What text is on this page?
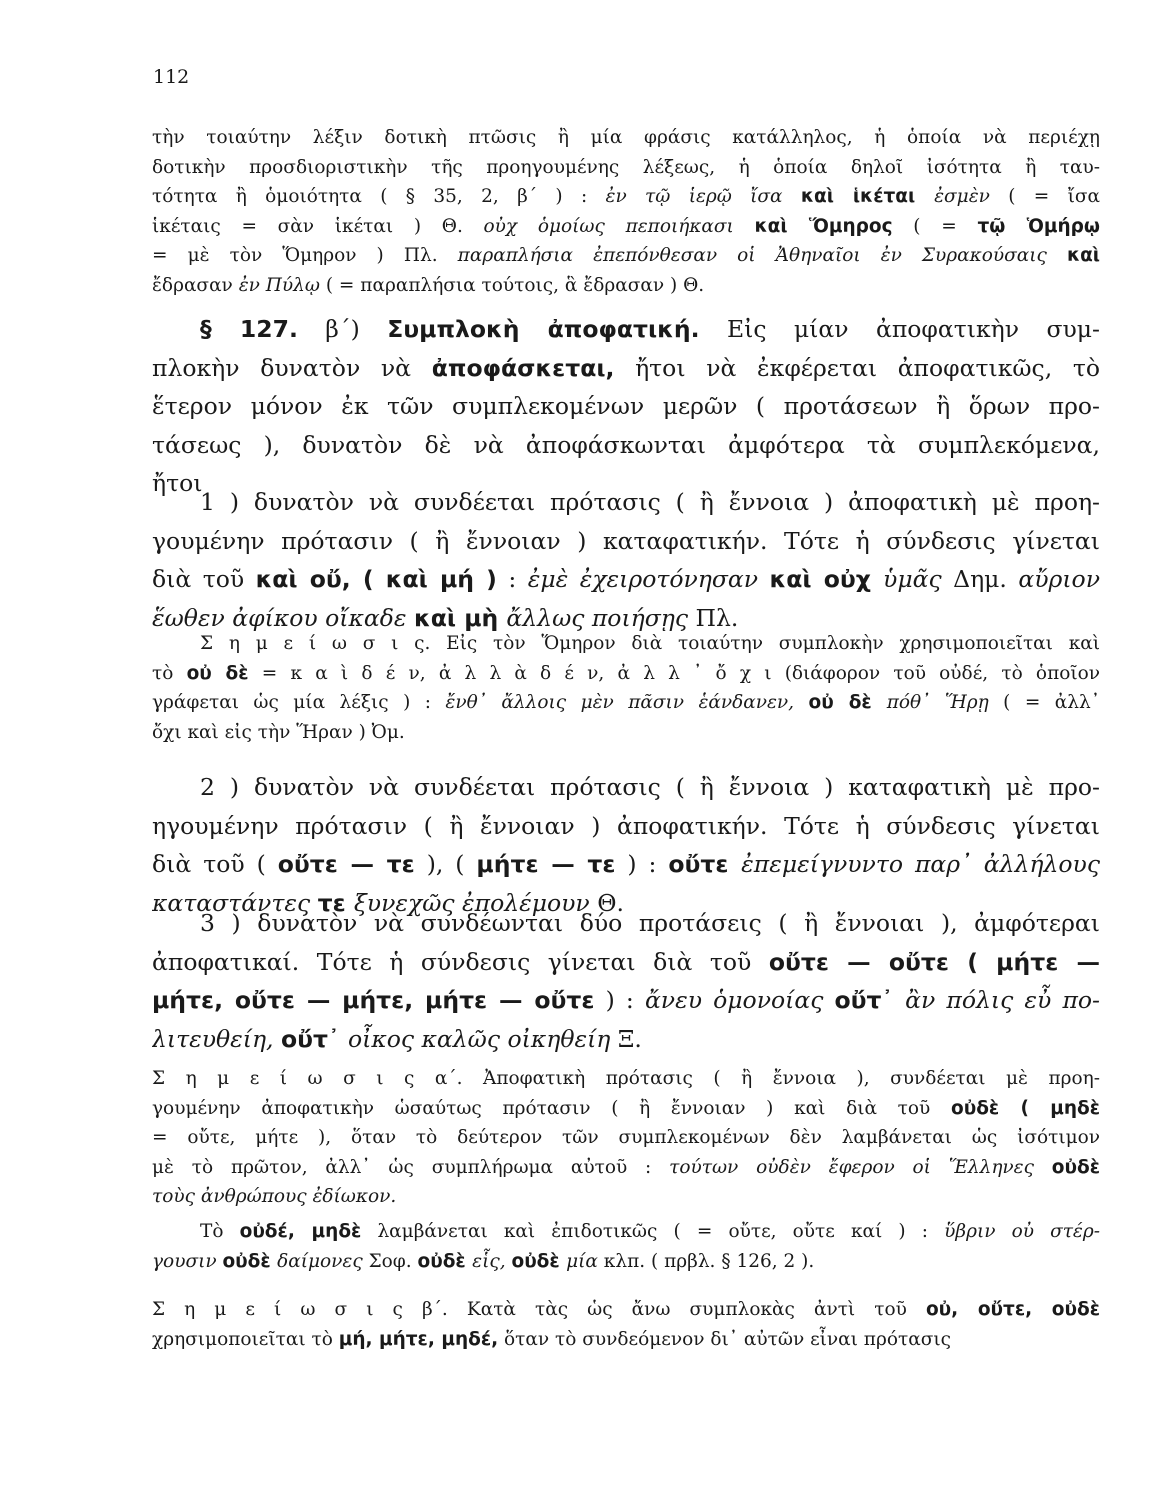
112
τὴν τοιαύτην λέξιν δοτικὴ πτῶσις ἢ μία φράσις κατάλληλος, ἡ ὁποία νὰ περιέχῃ
δοτικὴν προσδιοριστικὴν τῆς προηγουμένης λέξεως, ἡ ὁποία δηλοῖ ἰσότητα ἢ ταυ-
τότητα ἢ ὁμοιότητα ( § 35, 2, β΄ ) : ἐν τῷ ἱερῷ ἴσα καὶ ἱκέται ἐσμὲν ( = ἴσα
ἱκέταις = σὰν ἱκέται ) Θ. οὐχ ὁμοίως πεποιήκασι καὶ Ὅμηρος ( = τῷ Ὁμήρῳ
= μὲ τὸν Ὅμηρον ) Πλ. παραπλήσια ἐπεπόνθεσαν οἱ Ἀθηναῖοι ἐν Συρακούσαις καὶ
ἔδρασαν ἐν Πύλῳ ( = παραπλήσια τούτοις, ἃ ἔδρασαν ) Θ.
§ 127. β΄) Συμπλοκὴ ἀποφατική. Εἰς μίαν ἀποφατικὴν συμ-
πλοκὴν δυνατὸν νὰ ἀποφάσκεται, ἤτοι νὰ ἐκφέρεται ἀποφατικῶς, τὸ
ἕτερον μόνον ἐκ τῶν συμπλεκομένων μερῶν ( προτάσεων ἢ ὅρων προ-
τάσεως ), δυνατὸν δὲ νὰ ἀποφάσκωνται ἀμφότερα τὰ συμπλεκόμενα,
ἤτοι
1 ) δυνατὸν νὰ συνδέεται πρότασις ( ἢ ἔννοια ) ἀποφατικὴ μὲ προη-
γουμένην πρότασιν ( ἢ ἔννοιαν ) καταφατικήν. Τότε ἡ σύνδεσις γίνεται
διὰ τοῦ καὶ οὔ, ( καὶ μή ) : ἐμὲ ἐχειροτόνησαν καὶ οὐχ ὑμᾶς Δημ. αὔριον
ἕωθεν ἀφίκου οἴκαδε καὶ μὴ ἄλλως ποιήσῃς Πλ.
Σ η μ ε ί ω σ ι ς. Εἰς τὸν Ὅμηρον διὰ τοιαύτην συμπλοκὴν χρησιμοποιεῖται καὶ
τὸ οὐ δὲ = κ α ὶ δ έ ν, ἀ λ λ ὰ δ έ ν, ἀ λ λ ᾽ ὄ χ ι (διάφορον τοῦ οὐδέ, τὸ ὁποῖον
γράφεται ὡς μία λέξις ) : ἔνθ᾽ ἄλλοις μὲν πᾶσιν ἑάνδανεν, οὐ δὲ πόθ᾽ Ἥρῃ ( = ἀλλ᾽
ὄχι καὶ εἰς τὴν Ἥραν ) Ὀμ.
2 ) δυνατὸν νὰ συνδέεται πρότασις ( ἢ ἔννοια ) καταφατικὴ μὲ προ-
ηγουμένην πρότασιν ( ἢ ἔννοιαν ) ἀποφατικήν. Τότε ἡ σύνδεσις γίνεται
διὰ τοῦ ( οὔτε — τε ), ( μήτε — τε ) : οὔτε ἐπεμείγνυντο παρ᾽ ἀλλήλους
καταστάντες τε ξυνεχῶς ἐπολέμουν Θ.
3 ) δυνατὸν νὰ συνδέωνται δύο προτάσεις ( ἢ ἔννοιαι ), ἀμφότεραι
ἀποφατικαί. Τότε ἡ σύνδεσις γίνεται διὰ τοῦ οὔτε — οὔτε ( μήτε —
μήτε, οὔτε — μήτε, μήτε — οὔτε ) : ἄνευ ὁμονοίας οὔτ᾽ ἂν πόλις εὖ πο-
λιτευθείη, οὔτ᾽ οἶκος καλῶς οἰκηθείη Ξ.
Σ η μ ε ί ω σ ι ς α΄. Ἀποφατικὴ πρότασις ( ἢ ἔννοια ), συνδέεται μὲ προη-
γουμένην ἀποφατικὴν ὡσαύτως πρότασιν ( ἢ ἔννοιαν ) καὶ διὰ τοῦ οὐδὲ ( μηδὲ
= οὔτε, μήτε ), ὅταν τὸ δεύτερον τῶν συμπλεκομένων δὲν λαμβάνεται ὡς ἰσότιμον
μὲ τὸ πρῶτον, ἀλλ᾽ ὡς συμπλήρωμα αὐτοῦ : τούτων οὐδὲν ἔφερον οἱ Ἕλληνες οὐδὲ
τοὺς ἀνθρώπους ἐδίωκον.
Τὸ οὐδέ, μηδὲ λαμβάνεται καὶ ἐπιδοτικῶς ( = οὔτε, οὔτε καί ) : ὕβριν οὐ στέρ-
γουσιν οὐδὲ δαίμονες Σοφ. οὐδὲ εἷς, οὐδὲ μία κλπ. ( πρβλ. § 126, 2 ).
Σ η μ ε ί ω σ ι ς β΄. Κατὰ τὰς ὡς ἄνω συμπλοκὰς ἀντὶ τοῦ οὐ, οὔτε, οὐδὲ
χρησιμοποιεῖται τὸ μή, μήτε, μηδέ, ὅταν τὸ συνδεόμενον δι᾽ αὐτῶν εἶναι πρότασις
